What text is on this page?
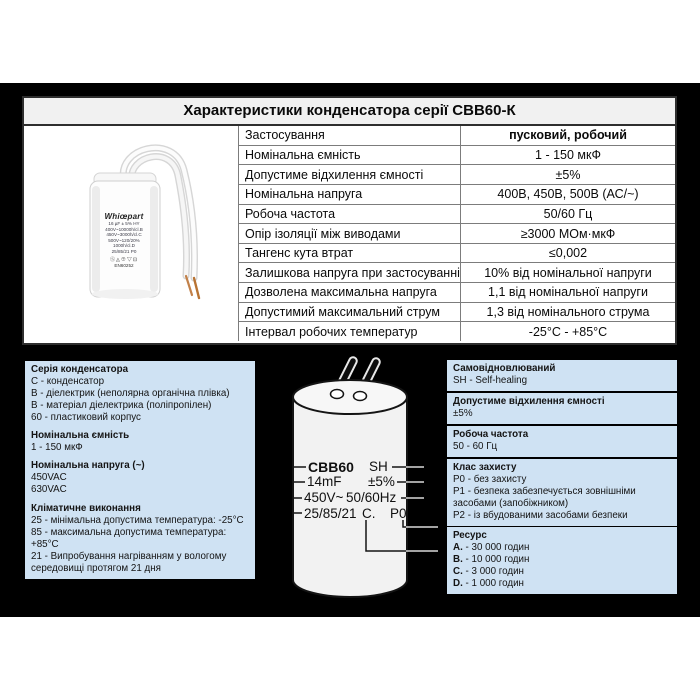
Характеристики конденсатора серії CBB60-К
Whiœpart
16 µF ± 5% HY
400V~10000h/cl.B
450V~3000h/cl.C
500V~120/20%
1000h/cl.D
25/85/21 P0
Ⓢ◬⊕▽⊡
EN60252
Застосування	пусковий, робочий
Номінальна ємність	1 - 150 мкФ
Допустиме відхилення ємності	±5%
Номінальна напруга	400В, 450В, 500В (АС/~)
Робоча частота	50/60 Гц
Опір ізоляції між виводами	≥3000 МОм·мкФ
Тангенс кута втрат	≤0,002
Залишкова напруга при застосуванні	10% від номінальної напруги
Дозволена максимальна напруга	1,1 від номінальної напруги
Допустимий максимальний струм	1,3 від номінального струма
Інтервал робочих температур	-25°С - +85°С
CBB60 SH
14mF ±5%
450V~ 50/60Hz
25/85/21 C. P0
Серія конденсатора
C - конденсатор
B - діелектрик (неполярна органічна плівка)
B - матеріал діелектрика (поліпропілен)
60 - пластиковий корпус
Номінальна ємність
1 - 150 мкФ
Номінальна напруга (~)
450VAC
630VAC
Кліматичне виконання
25 - мінімальна допустима температура: -25°С
85 - максимальна допустима температура: +85°С
21 - Випробування нагріванням у вологому середовищі протягом 21 дня
Самовідновлюваний
SH - Self-healing
Допустиме відхилення ємності
±5%
Робоча частота
50 - 60 Гц
Клас захисту
P0 - без захисту
P1 - безпека забезпечується зовнішніми засобами (запобіжником)
P2 - із вбудованими засобами безпеки
Ресурс
A. - 30 000 годин
B. - 10 000 годин
C. - 3 000 годин
D. - 1 000 годин
